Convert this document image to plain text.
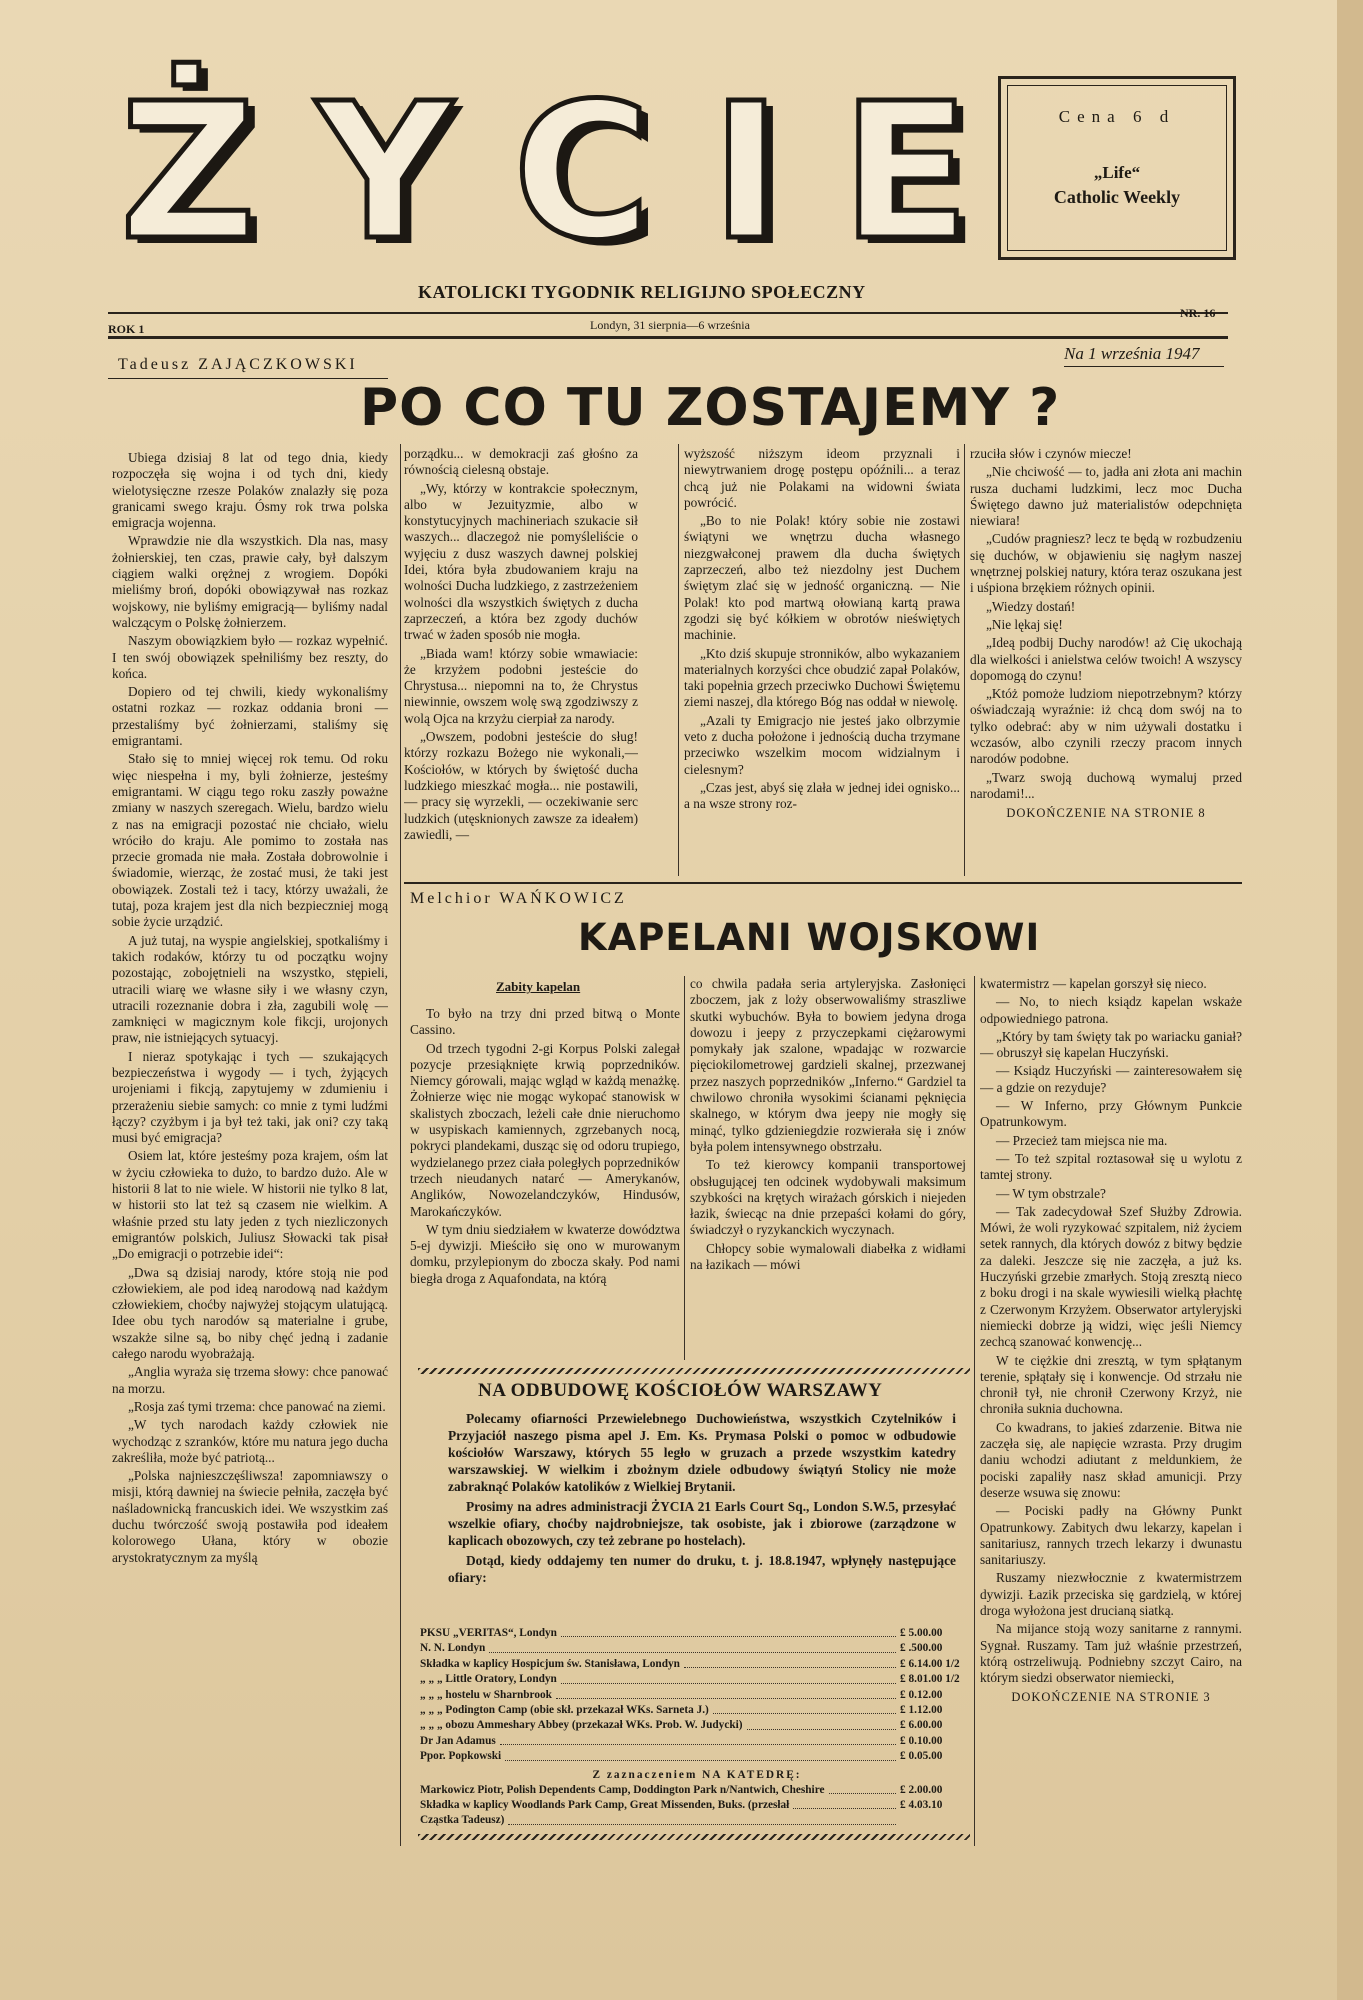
Ż Y C I E	Cena 6 d
„Life“
Catholic Weekly
KATOLICKI TYGODNIK RELIGIJNO SPOŁECZNY
ROK 1	Londyn, 31 sierpnia—6 września
NR. 16
Na 1 września 1947
Tadeusz ZAJĄCZKOWSKI
PO CO TU ZOSTAJEMY ?

Ubiega dzisiaj 8 lat od tego dnia, kiedy rozpoczęła się wojna i od tych dni, kiedy wielotysięczne rzesze Polaków znalazły się poza granicami swego kraju. Ósmy rok trwa polska emigracja wojenna.

Wprawdzie nie dla wszystkich. Dla nas, masy żołnierskiej, ten czas, prawie cały, był dalszym ciągiem walki orężnej z wrogiem. Dopóki mieliśmy broń, dopóki obowiązywał nas rozkaz wojskowy, nie byliśmy emigracją— byliśmy nadal walczącym o Polskę żołnierzem.

Naszym obowiązkiem było — rozkaz wypełnić. I ten swój obowiązek spełniliśmy bez reszty, do końca.

Dopiero od tej chwili, kiedy wykonaliśmy ostatni rozkaz — rozkaz oddania broni — przestaliśmy być żołnierzami, staliśmy się emigrantami.

Stało się to mniej więcej rok temu. Od roku więc niespełna i my, byli żołnierze, jesteśmy emigrantami. W ciągu tego roku zaszły poważne zmiany w naszych szeregach. Wielu, bardzo wielu z nas na emigracji pozostać nie chciało, wielu wróciło do kraju. Ale pomimo to została nas przecie gromada nie mała. Została dobrowolnie i świadomie, wierząc, że zostać musi, że taki jest obowiązek. Zostali też i tacy, którzy uważali, że tutaj, poza krajem jest dla nich bezpieczniej mogą sobie życie urządzić.

A już tutaj, na wyspie angielskiej, spotkaliśmy i takich rodaków, którzy tu od początku wojny pozostając, zobojętnieli na wszystko, stępieli, utracili wiarę we własne siły i we własny czyn, utracili rozeznanie dobra i zła, zagubili wolę — zamknięci w magicznym kole fikcji, urojonych praw, nie istniejących sytuacyj.

I nieraz spotykając i tych — szukających bezpieczeństwa i wygody — i tych, żyjących urojeniami i fikcją, zapytujemy w zdumieniu i przerażeniu siebie samych: co mnie z tymi ludźmi łączy? czyżbym i ja był też taki, jak oni? czy taką musi być emigracja?

Osiem lat, które jesteśmy poza krajem, ośm lat w życiu człowieka to dużo, to bardzo dużo. Ale w historii 8 lat to nie wiele. W historii nie tylko 8 lat, w historii sto lat też są czasem nie wielkim. A właśnie przed stu laty jeden z tych niezliczonych emigrantów polskich, Juliusz Słowacki tak pisał „Do emigracji o potrzebie idei“:

„Dwa są dzisiaj narody, które stoją nie pod człowiekiem, ale pod ideą narodową nad każdym człowiekiem, choćby najwyżej stojącym ulatującą. Idee obu tych narodów są materialne i grube, wszakże silne są, bo niby chęć jedną i zadanie całego narodu wyobrażają.

„Anglia wyraża się trzema słowy: chce panować na morzu.

„Rosja zaś tymi trzema: chce panować na ziemi.

„W tych narodach każdy człowiek nie wychodząc z szranków, które mu natura jego ducha zakreśliła, może być patriotą...

„Polska najnieszczęśliwsza! zapomniawszy o misji, którą dawniej na świecie pełniła, zaczęła być naśladownicką francuskich idei. We wszystkim zaś duchu twórczość swoją postawiła pod ideałem kolorowego Ułana, który w obozie arystokratycznym za myślą

porządku... w demokracji zaś głośno za równością cielesną obstaje.

„Wy, którzy w kontrakcie społecznym, albo w Jezuityzmie, albo w konstytucyjnych machineriach szukacie sił waszych... dlaczegoż nie pomyśleliście o wyjęciu z dusz waszych dawnej polskiej Idei, która była zbudowaniem kraju na wolności Ducha ludzkiego, z zastrzeżeniem wolności dla wszystkich świętych z ducha zaprzeczeń, a która bez zgody duchów trwać w żaden sposób nie mogła.

„Biada wam! którzy sobie wmawiacie: że krzyżem podobni jesteście do Chrystusa... niepomni na to, że Chrystus niewinnie, owszem wolę swą zgodziwszy z wolą Ojca na krzyżu cierpiał za narody.

„Owszem, podobni jesteście do sług! którzy rozkazu Bożego nie wykonali,— Kościołów, w których by świętość ducha ludzkiego mieszkać mogła... nie postawili, — pracy się wyrzekli, — oczekiwanie serc ludzkich (utęsknionych zawsze za ideałem) zawiedli, —

wyższość niższym ideom przyznali i niewytrwaniem drogę postępu opóźnili... a teraz chcą już nie Polakami na widowni świata powrócić.

„Bo to nie Polak! który sobie nie zostawi świątyni we wnętrzu ducha własnego niezgwałconej prawem dla ducha świętych zaprzeczeń, albo też niezdolny jest Duchem świętym zlać się w jedność organiczną. — Nie Polak! kto pod martwą ołowianą kartą prawa zgodzi się być kółkiem w obrotów nieświętych machinie.

„Kto dziś skupuje stronników, albo wykazaniem materialnych korzyści chce obudzić zapał Polaków, taki popełnia grzech przeciwko Duchowi Świętemu ziemi naszej, dla którego Bóg nas oddał w niewolę.

„Azali ty Emigracjo nie jesteś jako olbrzymie veto z ducha położone i jednością ducha trzymane przeciwko wszelkim mocom widzialnym i cielesnym?

„Czas jest, abyś się zlała w jednej idei ognisko... a na wsze strony roz-

rzuciła słów i czynów miecze!

„Nie chciwość — to, jadła ani złota ani machin rusza duchami ludzkimi, lecz moc Ducha Świętego dawno już materialistów odepchnięta niewiara!

„Cudów pragniesz? lecz te będą w rozbudzeniu się duchów, w objawieniu się nagłym naszej wnętrznej polskiej natury, która teraz oszukana jest i uśpiona brzękiem różnych opinii.

„Wiedzy dostań!

„Nie lękaj się!

„Ideą podbij Duchy narodów! aż Cię ukochają dla wielkości i anielstwa celów twoich! A wszyscy dopomogą do czynu!

„Któż pomoże ludziom niepotrzebnym? którzy oświadczają wyraźnie: iż chcą dom swój na to tylko odebrać: aby w nim używali dostatku i wczasów, albo czynili rzeczy pracom innych narodów podobne.

„Twarz swoją duchową wymaluj przed narodami!...

DOKOŃCZENIE NA STRONIE 8

Melchior WAŃKOWICZ
KAPELANI WOJSKOWI
Zabity kapelan

To było na trzy dni przed bitwą o Monte Cassino.

Od trzech tygodni 2-gi Korpus Polski zalegał pozycje przesiąknięte krwią poprzedników. Niemcy górowali, mając wgląd w każdą menażkę. Żołnierze więc nie mogąc wykopać stanowisk w skalistych zboczach, leżeli całe dnie nieruchomo w usypiskach kamiennych, zgrzebanych nocą, pokryci plandekami, dusząc się od odoru trupiego, wydzielanego przez ciała poległych poprzedników trzech nieudanych natarć — Amerykanów, Anglików, Nowozelandczyków, Hindusów, Marokańczyków.

W tym dniu siedziałem w kwaterze dowództwa 5-ej dywizji. Mieściło się ono w murowanym domku, przylepionym do zbocza skały. Pod nami biegła droga z Aquafondata, na którą

co chwila padała seria artyleryjska. Zasłonięci zboczem, jak z loży obserwowaliśmy straszliwe skutki wybuchów. Była to bowiem jedyna droga dowozu i jeepy z przyczepkami ciężarowymi pomykały jak szalone, wpadając w rozwarcie pięciokilometrowej gardzieli skalnej, przezwanej przez naszych poprzedników „Inferno.“ Gardziel ta chwilowo chroniła wysokimi ścianami pęknięcia skalnego, w którym dwa jeepy nie mogły się minąć, tylko gdzieniegdzie rozwierała się i znów była polem intensywnego obstrzału.

To też kierowcy kompanii transportowej obsługującej ten odcinek wydobywali maksimum szybkości na krętych wirażach górskich i niejeden łazik, świecąc na dnie przepaści kołami do góry, świadczył o ryzykanckich wyczynach.

Chłopcy sobie wymalowali diabełka z widłami na łazikach — mówi

kwatermistrz — kapelan gorszył się nieco.

— No, to niech ksiądz kapelan wskaże odpowiedniego patrona.

„Który by tam święty tak po wariacku ganiał? — obruszył się kapelan Huczyński.

— Ksiądz Huczyński — zainteresowałem się — a gdzie on rezyduje?

— W Inferno, przy Głównym Punkcie Opatrunkowym.

— Przecież tam miejsca nie ma.

— To też szpital roztasował się u wylotu z tamtej strony.

— W tym obstrzale?

— Tak zadecydował Szef Służby Zdrowia. Mówi, że woli ryzykować szpitalem, niż życiem setek rannych, dla których dowóz z bitwy będzie za daleki. Jeszcze się nie zaczęła, a już ks. Huczyński grzebie zmarłych. Stoją zresztą nieco z boku drogi i na skale wywiesili wielką płachtę z Czerwonym Krzyżem. Obserwator artyleryjski niemiecki dobrze ją widzi, więc jeśli Niemcy zechcą szanować konwencję...

W te ciężkie dni zresztą, w tym spłątanym terenie, spłątały się i konwencje. Od strzału nie chronił tył, nie chronił Czerwony Krzyż, nie chroniła suknia duchowna.

Co kwadrans, to jakieś zdarzenie. Bitwa nie zaczęła się, ale napięcie wzrasta. Przy drugim daniu wchodzi adiutant z meldunkiem, że pociski zapaliły nasz skład amunicji. Przy deserze wsuwa się znowu:

— Pociski padły na Główny Punkt Opatrunkowy. Zabitych dwu lekarzy, kapelan i sanitariusz, rannych trzech lekarzy i dwunastu sanitariuszy.

Ruszamy niezwłocznie z kwatermistrzem dywizji. Łazik przeciska się gardzielą, w której droga wyłożona jest drucianą siatką.

Na mijance stoją wozy sanitarne z rannymi. Sygnał. Ruszamy. Tam już właśnie przestrzeń, którą ostrzeliwują. Podniebny szczyt Cairo, na którym siedzi obserwator niemiecki,

DOKOŃCZENIE NA STRONIE 3

NA ODBUDOWĘ KOŚCIOŁÓW WARSZAWY

Polecamy ofiarności Przewielebnego Duchowieństwa, wszystkich Czytelników i Przyjaciół naszego pisma apel J. Em. Ks. Prymasa Polski o pomoc w odbudowie kościołów Warszawy, których 55 legło w gruzach a przede wszystkim katedry warszawskiej. W wielkim i zbożnym dziele odbudowy świątyń Stolicy nie może zabraknąć Polaków katolików z Wielkiej Brytanii.

Prosimy na adres administracji ŻYCIA 21 Earls Court Sq., London S.W.5, przesyłać wszelkie ofiary, choćby najdrobniejsze, tak osobiste, jak i zbiorowe (zarządzone w kaplicach obozowych, czy też zebrane po hostelach).

Dotąd, kiedy oddajemy ten numer do druku, t. j. 18.8.1947, wpłynęły następujące ofiary:

PKSU „VERITAS“, Londyn	£ 5.00.00
N. N. Londyn	£ .500.00
Składka w kaplicy Hospicjum św. Stanisława, Londyn	£ 6.14.00 1/2
„ „ „ Little Oratory, Londyn	£ 8.01.00 1/2
„ „ „ hostelu w Sharnbrook	£ 0.12.00
„ „ „ Podington Camp (obie skł. przekazał WKs. Sarneta J.)	£ 1.12.00
„ „ „ obozu Ammeshary Abbey (przekazał WKs. Prob. W. Judycki)	£ 6.00.00
Dr Jan Adamus	£ 0.10.00
Ppor. Popkowski	£ 0.05.00
Z zaznaczeniem NA KATEDRĘ:
Markowicz Piotr, Polish Dependents Camp, Doddington Park n/Nantwich, Cheshire	£ 2.00.00
Składka w kaplicy Woodlands Park Camp, Great Missenden, Buks. (przesłał	£ 4.03.10
Cząstka Tadeusz)
